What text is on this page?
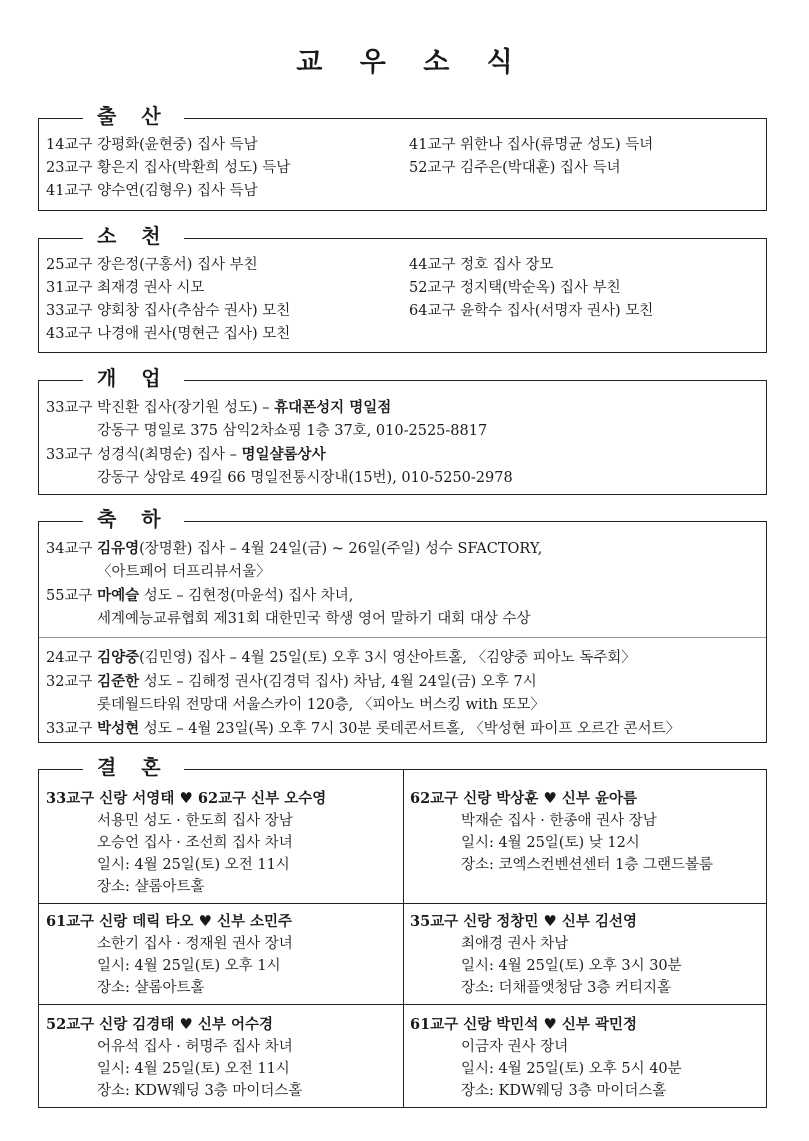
교 우 소 식
출 산
14교구 강평화(윤현중) 집사 득남
23교구 황은지 집사(박환희 성도) 득남
41교구 양수연(김형우) 집사 득남
41교구 위한나 집사(류명균 성도) 득녀
52교구 김주은(박대훈) 집사 득녀
소 천
25교구 장은정(구홍서) 집사 부친
31교구 최재경 권사 시모
33교구 양회창 집사(추삼수 권사) 모친
43교구 나경애 권사(명현근 집사) 모친
44교구 정호 집사 장모
52교구 정지택(박순옥) 집사 부친
64교구 윤학수 집사(서명자 권사) 모친
개 업
33교구 박진환 집사(장기원 성도) – 휴대폰성지 명일점
강동구 명일로 375 삼익2차쇼핑 1층 37호, 010-2525-8817
33교구 성경식(최명순) 집사 – 명일샬롬상사
강동구 상암로 49길 66 명일전통시장내(15번), 010-5250-2978
축 하
34교구 김유영(장명환) 집사 – 4월 24일(금) ~ 26일(주일) 성수 SFACTORY,
〈아트페어 더프리뷰서울〉
55교구 마예슬 성도 – 김현정(마윤석) 집사 차녀,
세계예능교류협회 제31회 대한민국 학생 영어 말하기 대회 대상 수상
24교구 김양중(김민영) 집사 – 4월 25일(토) 오후 3시 영산아트홀, 〈김양중 피아노 독주회〉
32교구 김준한 성도 – 김해정 권사(김경덕 집사) 차남, 4월 24일(금) 오후 7시
롯데월드타워 전망대 서울스카이 120층, 〈피아노 버스킹 with 또모〉
33교구 박성현 성도 – 4월 23일(목) 오후 7시 30분 롯데콘서트홀, 〈박성현 파이프 오르간 콘서트〉
결 혼
33교구 신랑 서영태 ♥ 62교구 신부 오수영
서용민 성도 · 한도희 집사 장남
오승언 집사 · 조선희 집사 차녀
일시: 4월 25일(토) 오전 11시
장소: 샬롬아트홀
62교구 신랑 박상훈 ♥ 신부 윤아름
박재순 집사 · 한종애 권사 장남
일시: 4월 25일(토) 낮 12시
장소: 코엑스컨벤션센터 1층 그랜드볼룸
61교구 신랑 데릭 타오 ♥ 신부 소민주
소한기 집사 · 정재원 권사 장녀
일시: 4월 25일(토) 오후 1시
장소: 샬롬아트홀
35교구 신랑 정창민 ♥ 신부 김선영
최애경 권사 차남
일시: 4월 25일(토) 오후 3시 30분
장소: 더채플앳청담 3층 커티지홀
52교구 신랑 김경태 ♥ 신부 어수경
어유석 집사 · 허명주 집사 차녀
일시: 4월 25일(토) 오전 11시
장소: KDW웨딩 3층 마이더스홀
61교구 신랑 박민석 ♥ 신부 곽민정
이금자 권사 장녀
일시: 4월 25일(토) 오후 5시 40분
장소: KDW웨딩 3층 마이더스홀
